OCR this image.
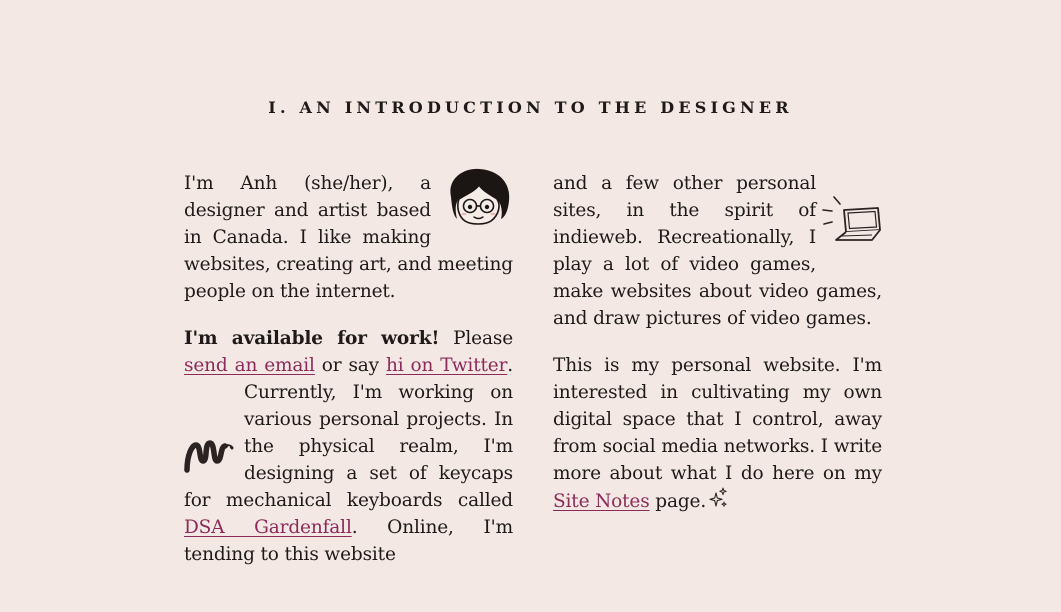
I. AN INTRODUCTION TO THE DESIGNER

I'm Anh (she/her), a designer and artist based in Canada. I like making websites, creating art, and meeting people on the internet.

I'm available for work! Please send an email or say hi on Twitter
. Currently, I'm working on various personal projects. In the physical realm, I'm designing a set of keycaps for mechanical keyboards called DSA Gardenfall. Online, I'm tending to this website

and a few other personal sites, in the spirit of indieweb. Recreationally, I play a lot of video games, make websites about video games, and draw pictures of video games.

This is my personal website. I'm interested in cultivating my own digital space that I control, away from social media networks. I write more about what I do here on my Site Notes page.
